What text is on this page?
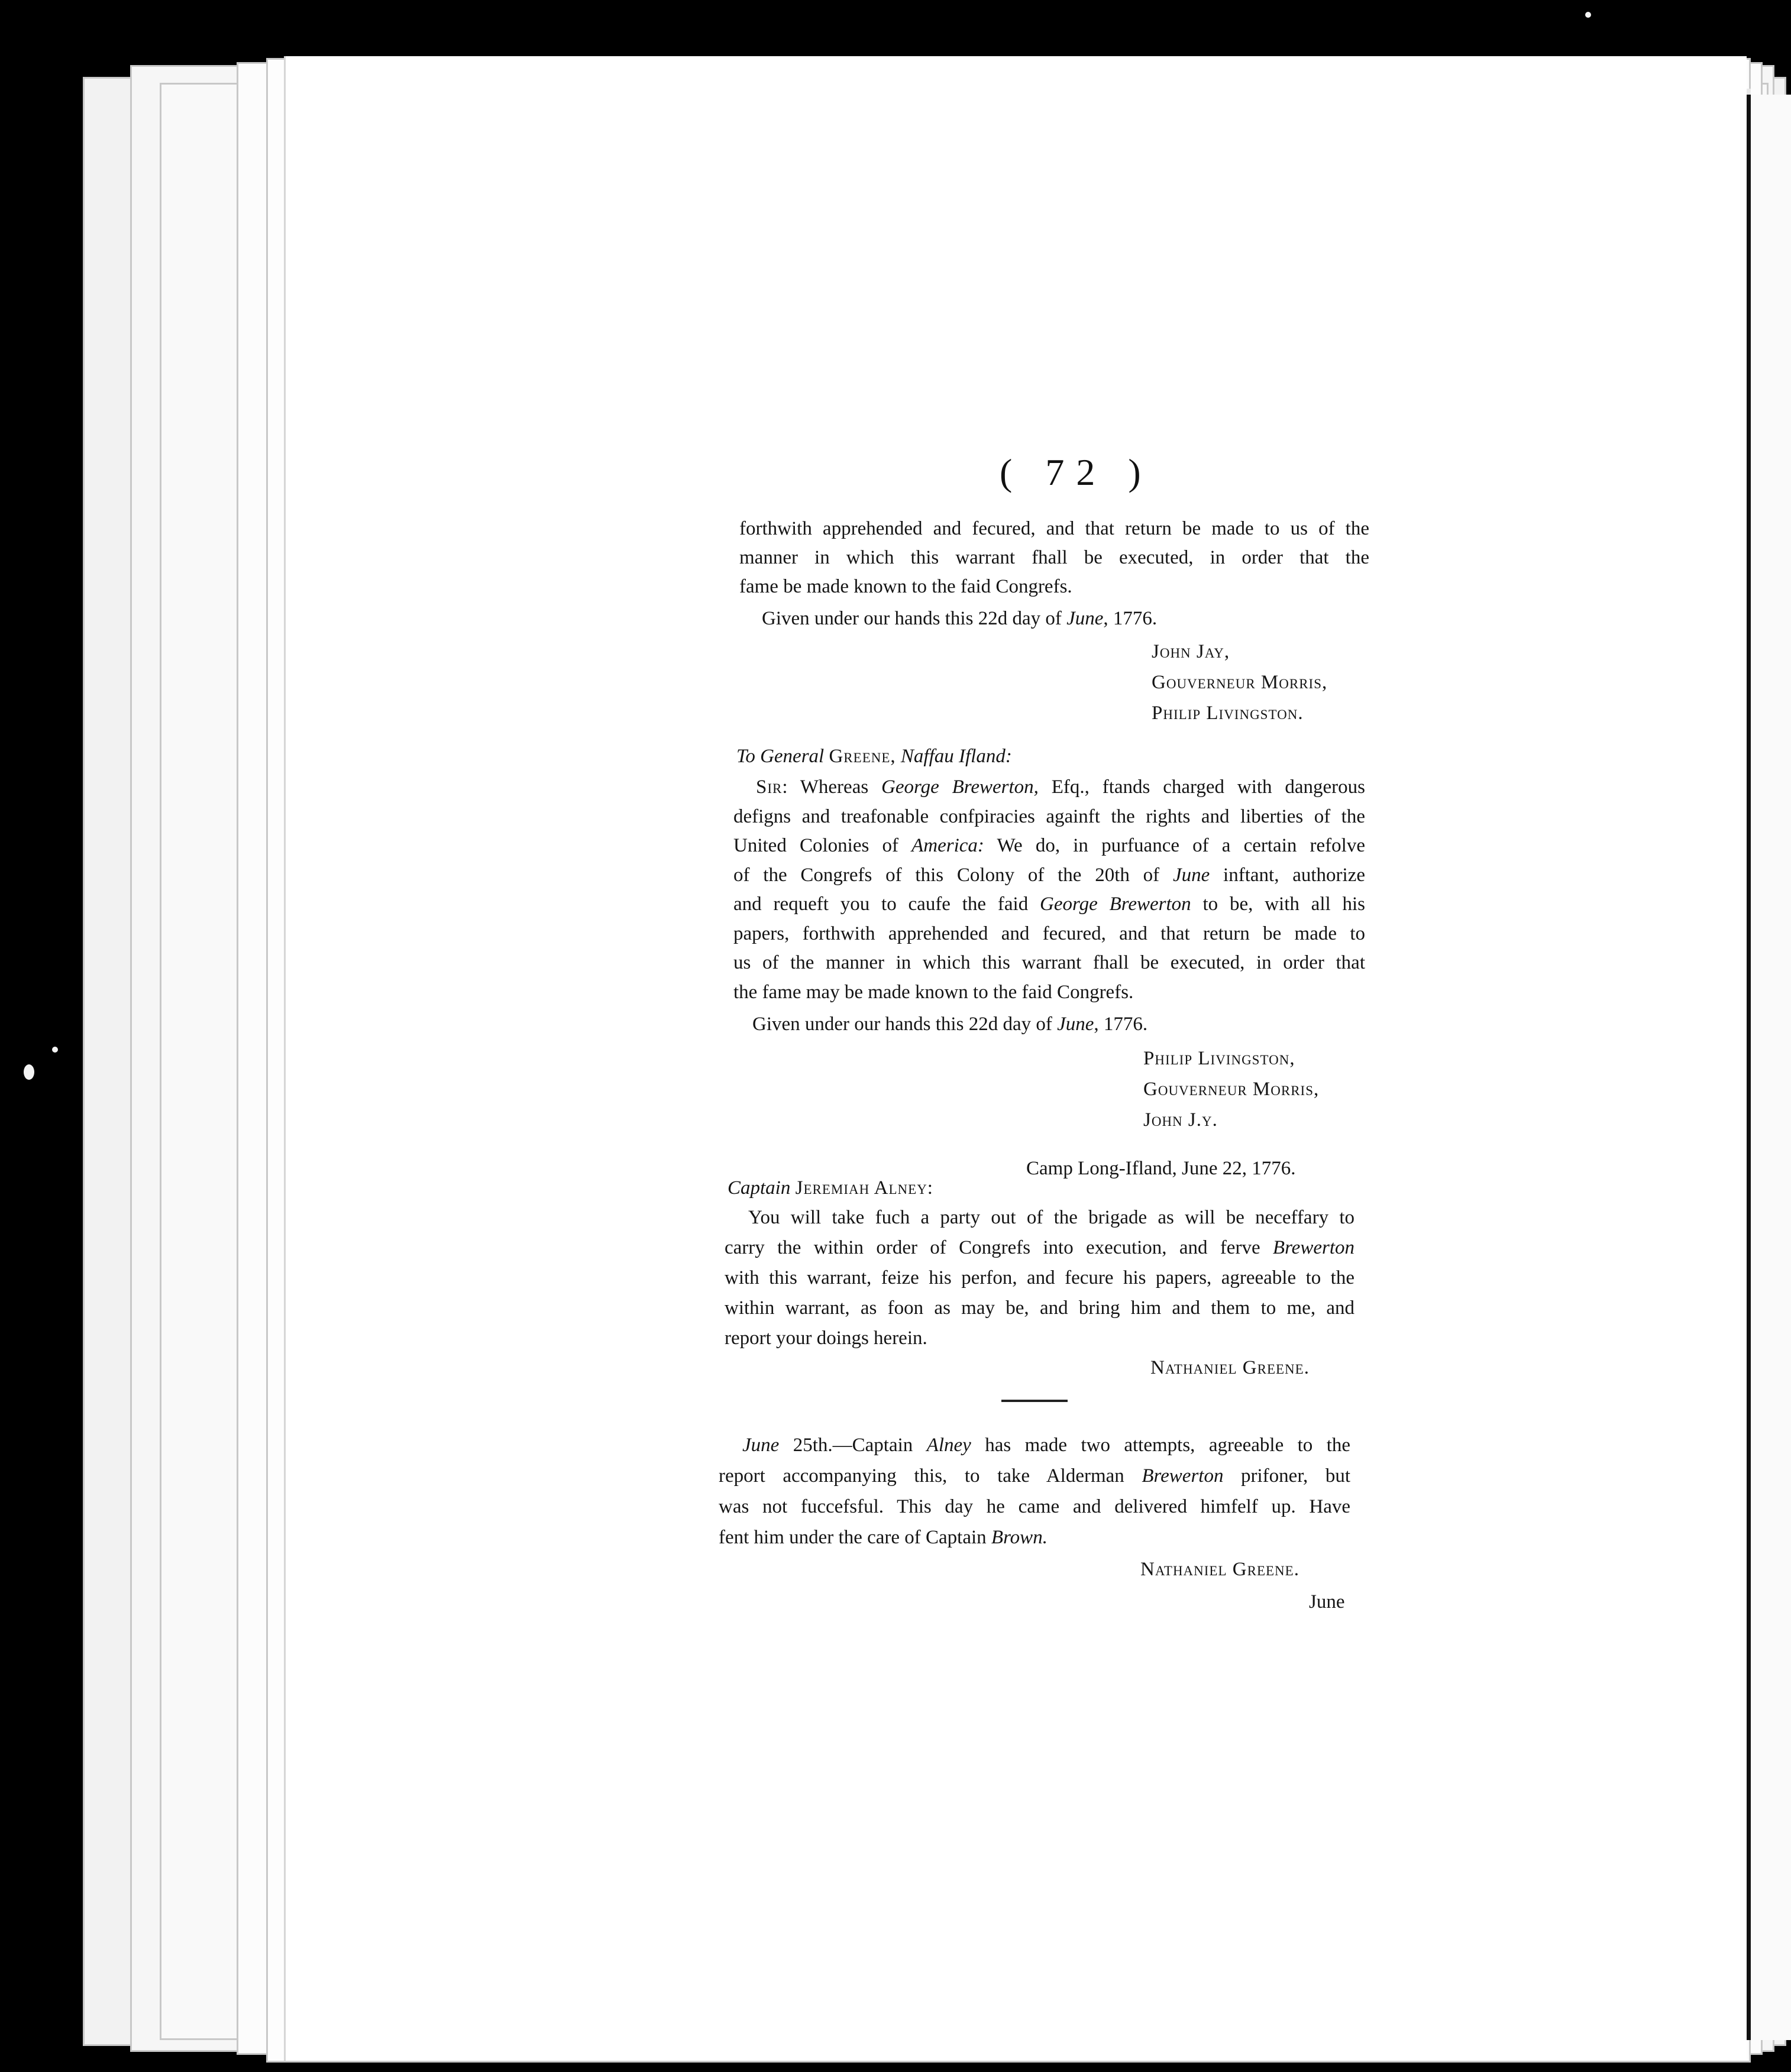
( 72 )
forthwith apprehended and fecured, and that return be made to us of the
manner in which this warrant fhall be executed, in order that the
fame be made known to the faid Congrefs.
Given under our hands this 22d day of June, 1776.
John Jay,
Gouverneur Morris,
Philip Livingston.
To General Greene, Naffau Ifland:
Sir: Whereas George Brewerton, Efq., ftands charged with dangerous
defigns and treafonable confpiracies againft the rights and liberties of the
United Colonies of America: We do, in purfuance of a certain refolve
of the Congrefs of this Colony of the 20th of June inftant, authorize
and requeft you to caufe the faid George Brewerton to be, with all his
papers, forthwith apprehended and fecured, and that return be made to
us of the manner in which this warrant fhall be executed, in order that
the fame may be made known to the faid Congrefs.
Given under our hands this 22d day of June, 1776.
Philip Livingston,
Gouverneur Morris,
John J.y.
Camp Long-Ifland, June 22, 1776.
Captain Jeremiah Alney:
You will take fuch a party out of the brigade as will be neceffary to
carry the within order of Congrefs into execution, and ferve Brewerton
with this warrant, feize his perfon, and fecure his papers, agreeable to the
within warrant, as foon as may be, and bring him and them to me, and
report your doings herein.
Nathaniel Greene.
June 25th.—Captain Alney has made two attempts, agreeable to the
report accompanying this, to take Alderman Brewerton prifoner, but
was not fuccefsful. This day he came and delivered himfelf up. Have
fent him under the care of Captain Brown.
Nathaniel Greene.
June
